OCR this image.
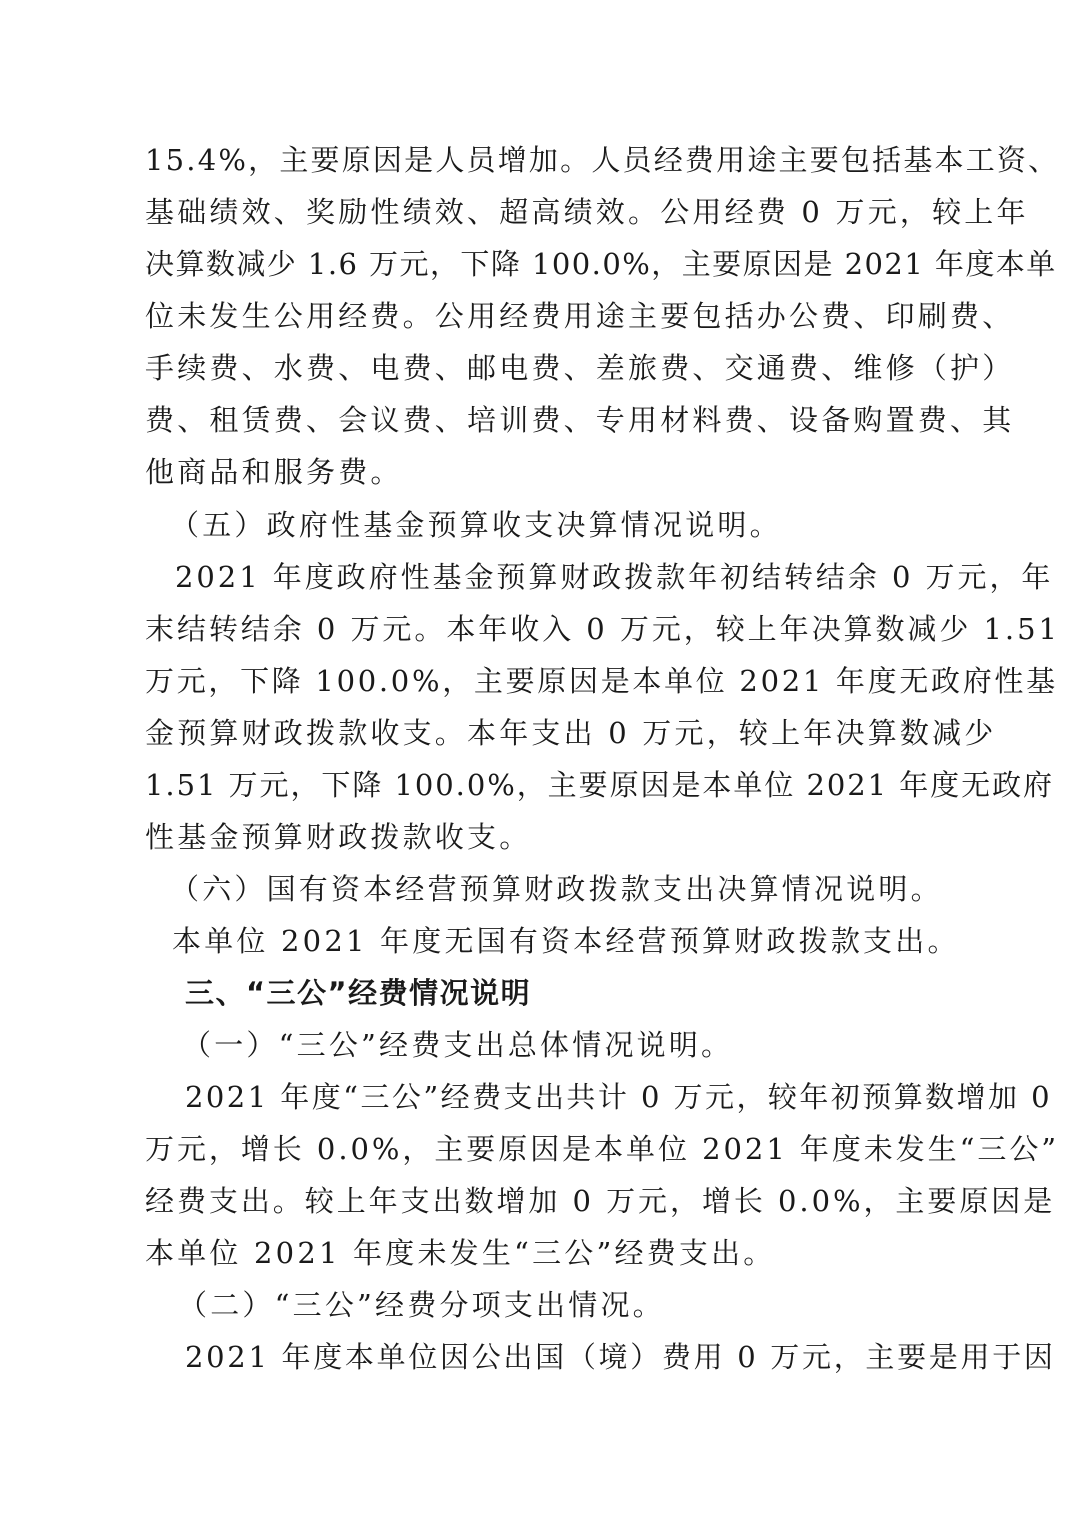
15.4%，主要原因是人员增加。人员经费用途主要包括基本工资、
基础绩效、奖励性绩效、超高绩效。公用经费 0 万元，较上年
决算数减少 1.6 万元，下降 100.0%，主要原因是 2021 年度本单
位未发生公用经费。公用经费用途主要包括办公费、印刷费、
手续费、水费、电费、邮电费、差旅费、交通费、维修（护）
费、租赁费、会议费、培训费、专用材料费、设备购置费、其
他商品和服务费。
（五）政府性基金预算收支决算情况说明。
2021 年度政府性基金预算财政拨款年初结转结余 0 万元，年
末结转结余 0 万元。本年收入 0 万元，较上年决算数减少 1.51
万元，下降 100.0%，主要原因是本单位 2021 年度无政府性基
金预算财政拨款收支。本年支出 0 万元，较上年决算数减少
1.51 万元，下降 100.0%，主要原因是本单位 2021 年度无政府
性基金预算财政拨款收支。
（六）国有资本经营预算财政拨款支出决算情况说明。
本单位 2021 年度无国有资本经营预算财政拨款支出。
三、“三公”经费情况说明
（一）“三公”经费支出总体情况说明。
2021 年度“三公”经费支出共计 0 万元，较年初预算数增加 0
万元，增长 0.0%，主要原因是本单位 2021 年度未发生“三公”
经费支出。较上年支出数增加 0 万元，增长 0.0%，主要原因是
本单位 2021 年度未发生“三公”经费支出。
（二）“三公”经费分项支出情况。
2021 年度本单位因公出国（境）费用 0 万元，主要是用于因
